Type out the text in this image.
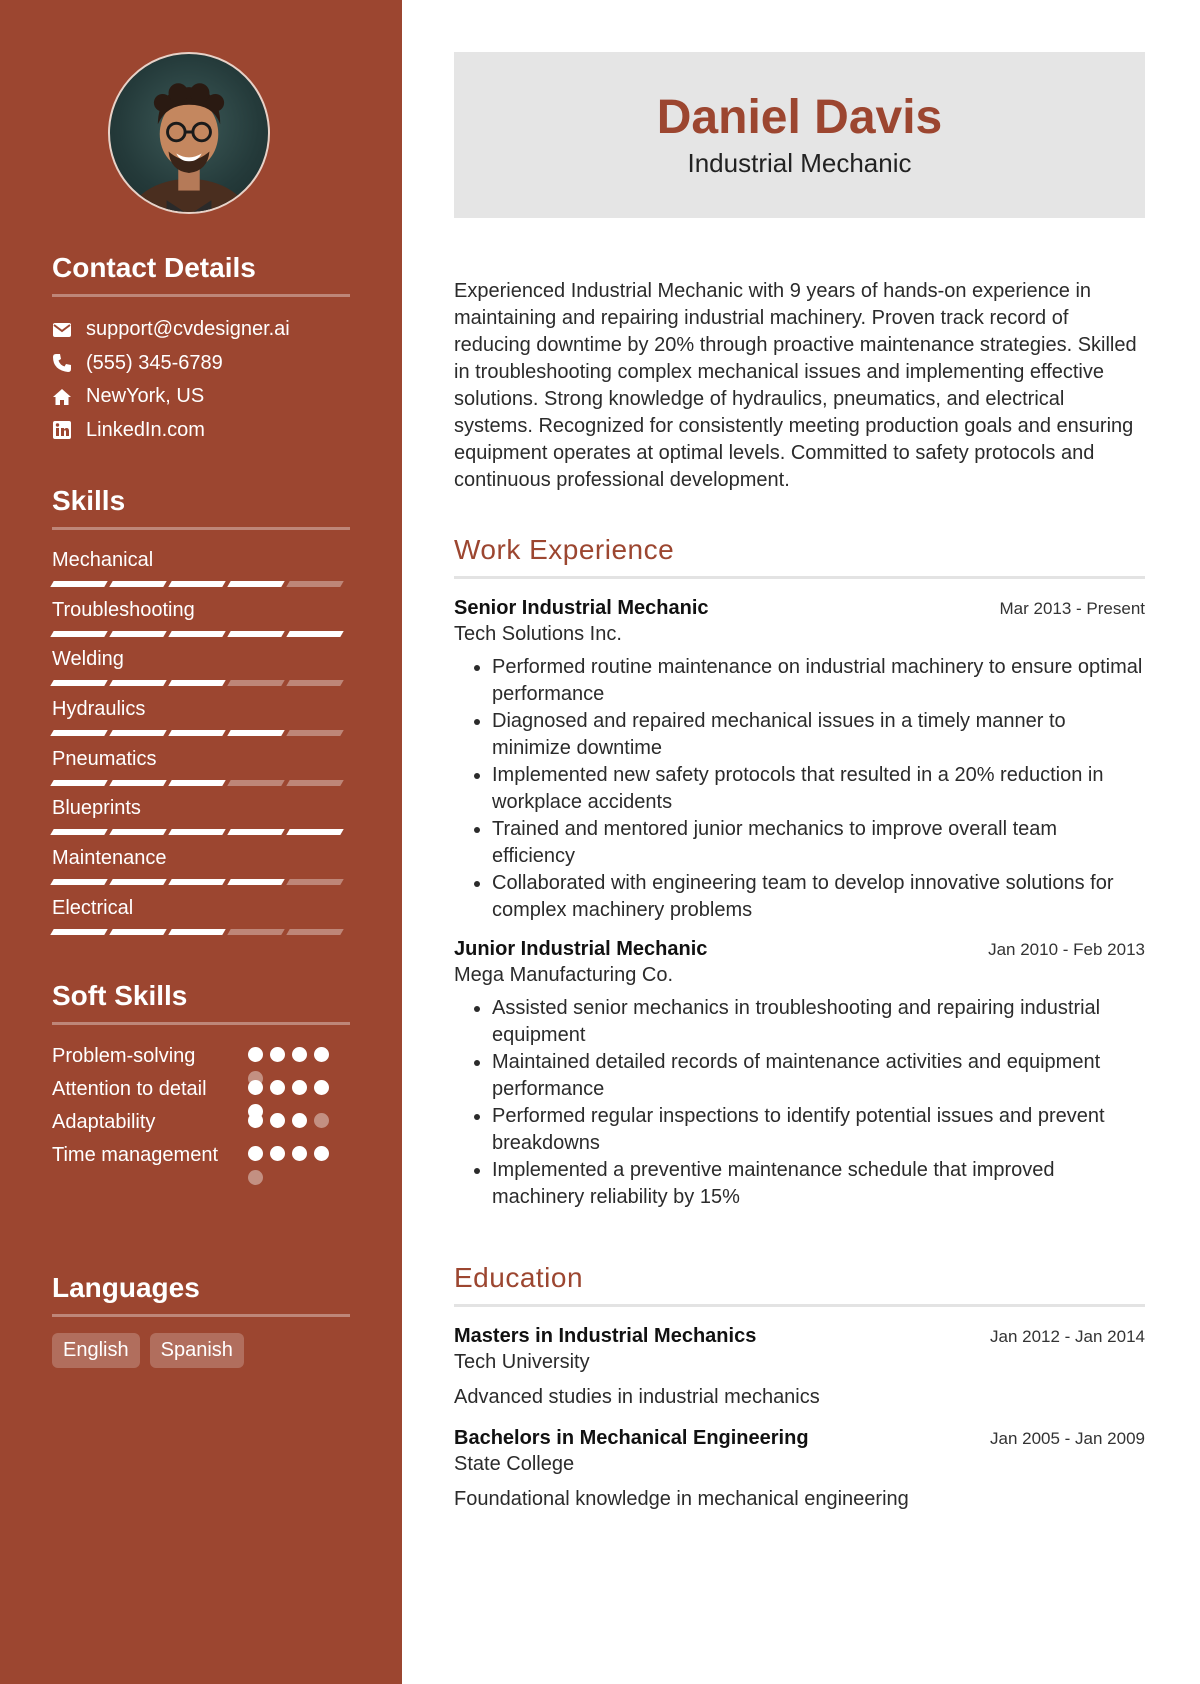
Contact Details
support@cvdesigner.ai
(555) 345-6789
NewYork, US
LinkedIn.com
Skills
Mechanical
Troubleshooting
Welding
Hydraulics
Pneumatics
Blueprints
Maintenance
Electrical
Soft Skills
Problem-solving
Attention to detail
Adaptability
Time management
Languages
English	Spanish
Daniel Davis
Industrial Mechanic
Experienced Industrial Mechanic with 9 years of hands-on experience in maintaining and repairing industrial machinery. Proven track record of reducing downtime by 20% through proactive maintenance strategies. Skilled in troubleshooting complex mechanical issues and implementing effective solutions. Strong knowledge of hydraulics, pneumatics, and electrical systems. Recognized for consistently meeting production goals and ensuring equipment operates at optimal levels. Committed to safety protocols and continuous professional development.
Work Experience
Senior Industrial Mechanic	Mar 2013 - Present
Tech Solutions Inc.
• Performed routine maintenance on industrial machinery to ensure optimal performance
• Diagnosed and repaired mechanical issues in a timely manner to minimize downtime
• Implemented new safety protocols that resulted in a 20% reduction in workplace accidents
• Trained and mentored junior mechanics to improve overall team efficiency
• Collaborated with engineering team to develop innovative solutions for complex machinery problems
Junior Industrial Mechanic	Jan 2010 - Feb 2013
Mega Manufacturing Co.
• Assisted senior mechanics in troubleshooting and repairing industrial equipment
• Maintained detailed records of maintenance activities and equipment performance
• Performed regular inspections to identify potential issues and prevent breakdowns
• Implemented a preventive maintenance schedule that improved machinery reliability by 15%
Education
Masters in Industrial Mechanics	Jan 2012 - Jan 2014
Tech University
Advanced studies in industrial mechanics
Bachelors in Mechanical Engineering	Jan 2005 - Jan 2009
State College
Foundational knowledge in mechanical engineering
